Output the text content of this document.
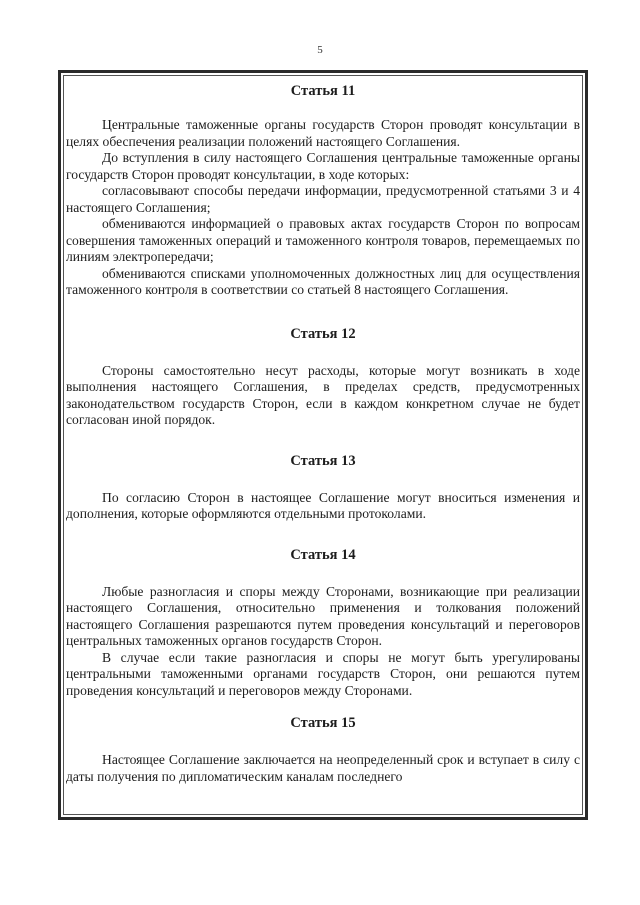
5
Статья 11

Центральные таможенные органы государств Сторон проводят консультации в целях обеспечения реализации положений настоящего Соглашения.

До вступления в силу настоящего Соглашения центральные таможенные органы государств Сторон проводят консультации, в ходе которых:

согласовывают способы передачи информации, предусмотренной статьями 3 и 4 настоящего Соглашения;

обмениваются информацией о правовых актах государств Сторон по вопросам совершения таможенных операций и таможенного контроля товаров, перемещаемых по линиям электропередачи;

обмениваются списками уполномоченных должностных лиц для осуществления таможенного контроля в соответствии со статьей 8 настоящего Соглашения.

Статья 12

Стороны самостоятельно несут расходы, которые могут возникать в ходе выполнения настоящего Соглашения, в пределах средств, предусмотренных законодательством государств Сторон, если в каждом конкретном случае не будет согласован иной порядок.

Статья 13

По согласию Сторон в настоящее Соглашение могут вноситься изменения и дополнения, которые оформляются отдельными протоколами.

Статья 14

Любые разногласия и споры между Сторонами, возникающие при реализации настоящего Соглашения, относительно применения и толкования положений настоящего Соглашения разрешаются путем проведения консультаций и переговоров центральных таможенных органов государств Сторон.

В случае если такие разногласия и споры не могут быть урегулированы центральными таможенными органами государств Сторон, они решаются путем проведения консультаций и переговоров между Сторонами.

Статья 15

Настоящее Соглашение заключается на неопределенный срок и вступает в силу с даты получения по дипломатическим каналам последнего
